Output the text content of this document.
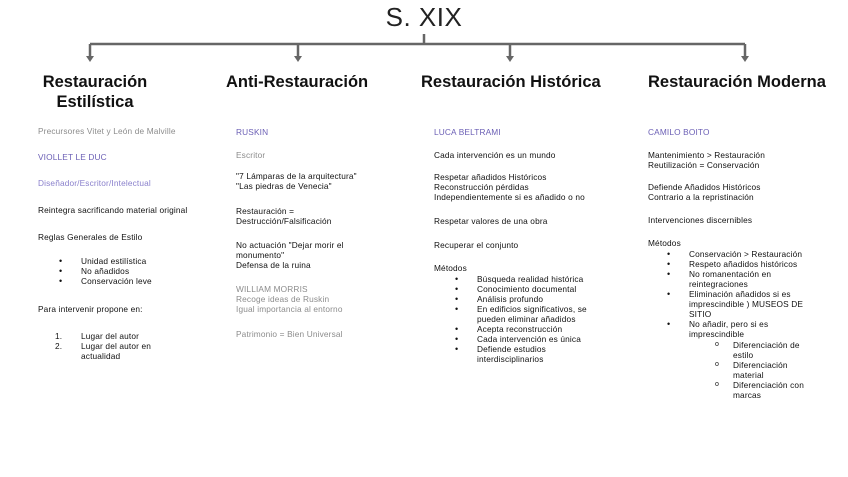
S. XIX
Restauración
Estilística

Precursores Vitet y León de Malville

VIOLLET LE DUC

Diseñador/Escritor/Intelectual

Reintegra sacrificando material original

Reglas Generales de Estilo

• Unidad estilística
• No añadidos
• Conservación leve

Para intervenir propone en:

1. Lugar del autor
2. Lugar del autor en actualidad
Anti-Restauración

RUSKIN

Escritor

"7 Lámparas de la arquitectura"
"Las piedras de Venecia"

Restauración =
Destrucción/Falsificación

No actuación "Dejar morir el monumento"
Defensa de la ruina

WILLIAM MORRIS
Recoge ideas de Ruskin
Igual importancia al entorno

Patrimonio = Bien Universal

Restauración Histórica

LUCA BELTRAMI

Cada intervención es un mundo

Respetar añadidos Históricos
Reconstrucción pérdidas
Independientemente si es añadido o no

Respetar valores de una obra

Recuperar el conjunto

Métodos

• Búsqueda realidad histórica
• Conocimiento documental
• Análisis profundo
• En edificios significativos, se pueden eliminar añadidos
• Acepta reconstrucción
• Cada intervención es única
• Defiende estudios interdisciplinarios
Restauración Moderna

CAMILO BOITO

Mantenimiento > Restauración
Reutilización = Conservación

Defiende Añadidos Históricos
Contrario a la repristinación

Intervenciones discernibles

Métodos

• Conservación > Restauración
• Respeto añadidos históricos
• No romanentación en reintegraciones
• Eliminación añadidos si es imprescindible ) MUSEOS DE SITIO
• No añadir, pero si es imprescindible
o Diferenciación de estilo
o Diferenciación material
o Diferenciación con marcas
